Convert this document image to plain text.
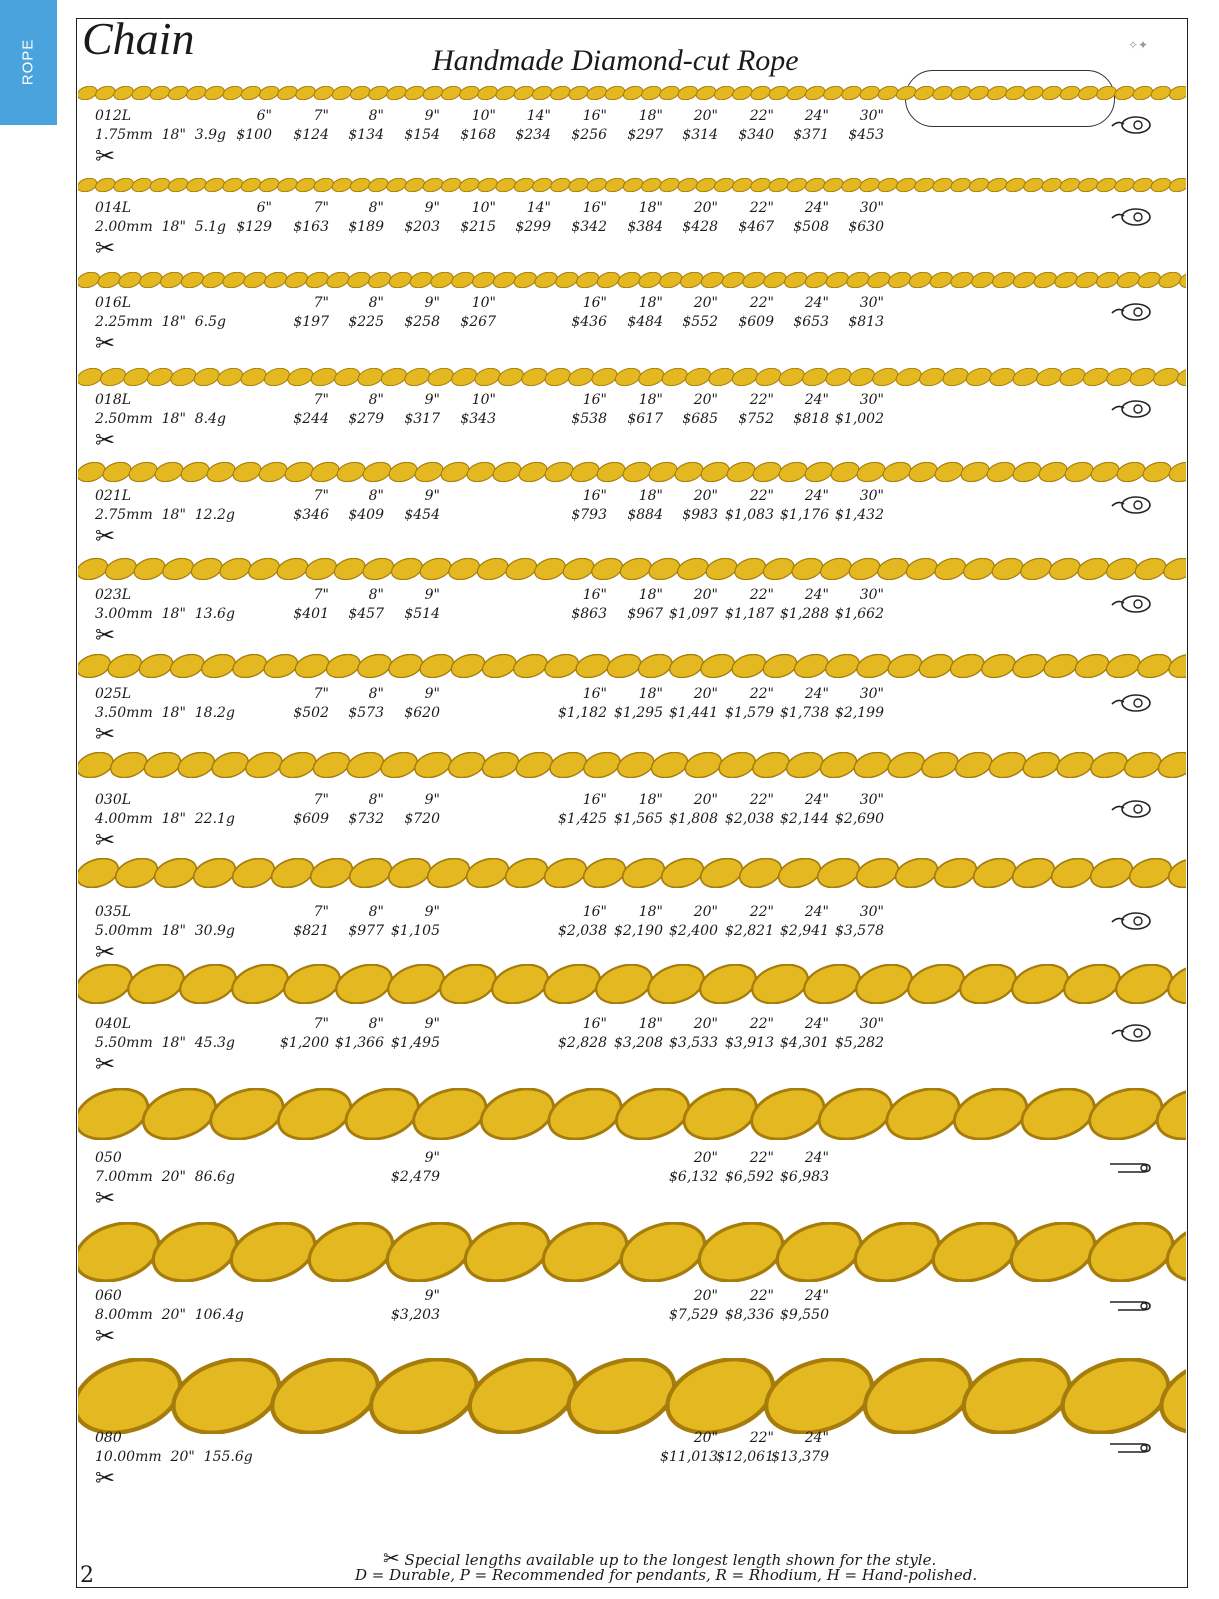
ROPE Chain	Handmade Diamond-cut Rope	✧✦
012L
1.75mm  18"  3.9g
✂
6"
$100
7"
$124
8"
$134
9"
$154
10"
$168
14"
$234
16"
$256
18"
$297
20"
$314
22"
$340
24"
$371
30"
$453
014L
2.00mm  18"  5.1g
✂
6"
$129
7"
$163
8"
$189
9"
$203
10"
$215
14"
$299
16"
$342
18"
$384
20"
$428
22"
$467
24"
$508
30"
$630
016L
2.25mm  18"  6.5g
✂
7"
$197
8"
$225
9"
$258
10"
$267
16"
$436
18"
$484
20"
$552
22"
$609
24"
$653
30"
$813
018L
2.50mm  18"  8.4g
✂
7"
$244
8"
$279
9"
$317
10"
$343
16"
$538
18"
$617
20"
$685
22"
$752
24"
$818
30"
$1,002
021L
2.75mm  18"  12.2g
✂
7"
$346
8"
$409
9"
$454
16"
$793
18"
$884
20"
$983
22"
$1,083
24"
$1,176
30"
$1,432
023L
3.00mm  18"  13.6g
✂
7"
$401
8"
$457
9"
$514
16"
$863
18"
$967
20"
$1,097
22"
$1,187
24"
$1,288
30"
$1,662
025L
3.50mm  18"  18.2g
✂
7"
$502
8"
$573
9"
$620
16"
$1,182
18"
$1,295
20"
$1,441
22"
$1,579
24"
$1,738
30"
$2,199
030L
4.00mm  18"  22.1g
✂
7"
$609
8"
$732
9"
$720
16"
$1,425
18"
$1,565
20"
$1,808
22"
$2,038
24"
$2,144
30"
$2,690
035L
5.00mm  18"  30.9g
✂
7"
$821
8"
$977
9"
$1,105
16"
$2,038
18"
$2,190
20"
$2,400
22"
$2,821
24"
$2,941
30"
$3,578
040L
5.50mm  18"  45.3g
✂
7"
$1,200
8"
$1,366
9"
$1,495
16"
$2,828
18"
$3,208
20"
$3,533
22"
$3,913
24"
$4,301
30"
$5,282
050
7.00mm  20"  86.6g
✂
9"
$2,479
20"
$6,132
22"
$6,592
24"
$6,983
060
8.00mm  20"  106.4g
✂
9"
$3,203
20"
$7,529
22"
$8,336
24"
$9,550
080
10.00mm  20"  155.6g
✂
20"
$11,013
22"
$12,061
24"
$13,379
✂ Special lengths available up to the longest length shown for the style.
D = Durable, P = Recommended for pendants, R = Rhodium, H = Hand-polished.
2
